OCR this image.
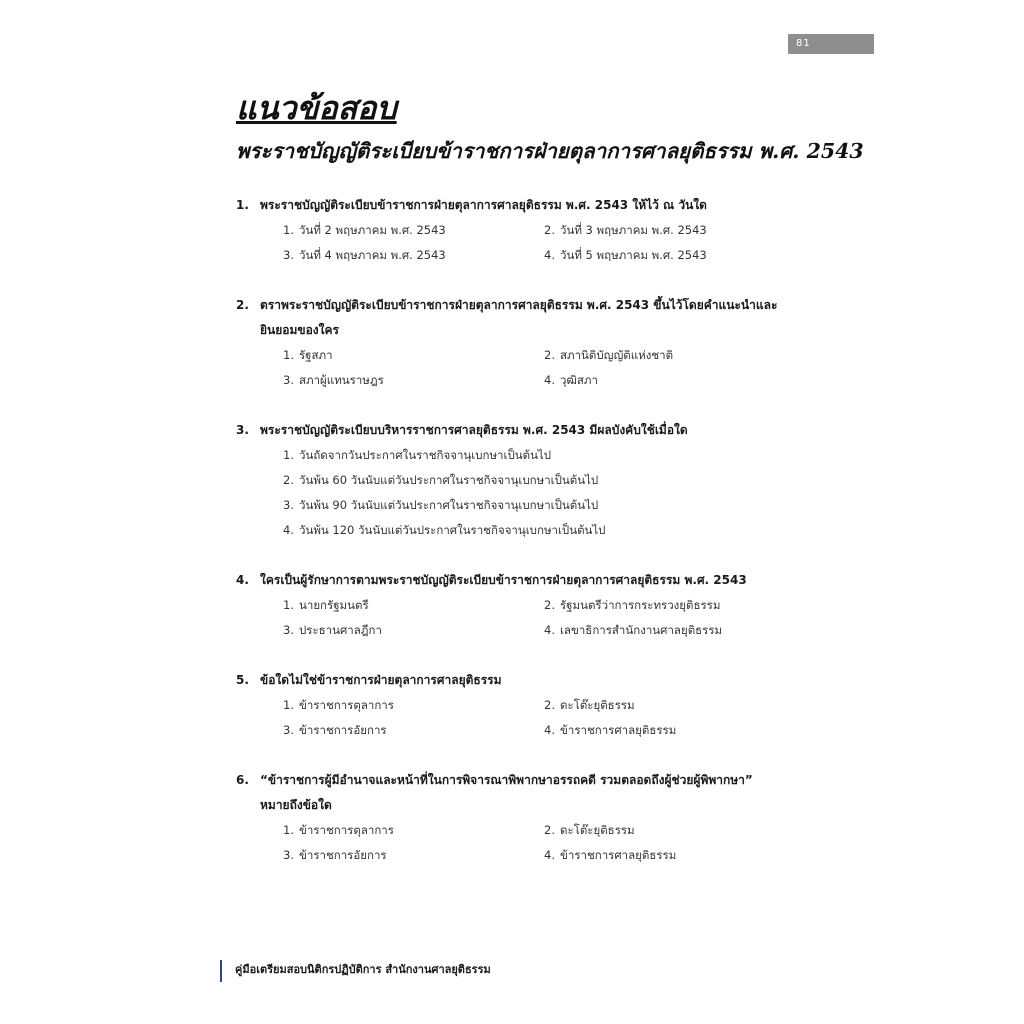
81
แนวข้อสอบ
พระราชบัญญัติระเบียบข้าราชการฝ่ายตุลาการศาลยุติธรรม พ.ศ. 2543
1. พระราชบัญญัติระเบียบข้าราชการฝ่ายตุลาการศาลยุติธรรม พ.ศ. 2543 ให้ไว้ ณ วันใด
1. วันที่ 2 พฤษภาคม พ.ศ. 2543	2. วันที่ 3 พฤษภาคม พ.ศ. 2543
3. วันที่ 4 พฤษภาคม พ.ศ. 2543	4. วันที่ 5 พฤษภาคม พ.ศ. 2543
2. ตราพระราชบัญญัติระเบียบข้าราชการฝ่ายตุลาการศาลยุติธรรม พ.ศ. 2543 ขึ้นไว้โดยคำแนะนำและ
ยินยอมของใคร
1. รัฐสภา	2. สภานิติบัญญัติแห่งชาติ
3. สภาผู้แทนราษฎร	4. วุฒิสภา
3. พระราชบัญญัติระเบียบบริหารราชการศาลยุติธรรม พ.ศ. 2543 มีผลบังคับใช้เมื่อใด
1. วันถัดจากวันประกาศในราชกิจจานุเบกษาเป็นต้นไป
2. วันพ้น 60 วันนับแต่วันประกาศในราชกิจจานุเบกษาเป็นต้นไป
3. วันพ้น 90 วันนับแต่วันประกาศในราชกิจจานุเบกษาเป็นต้นไป
4. วันพ้น 120 วันนับแต่วันประกาศในราชกิจจานุเบกษาเป็นต้นไป
4. ใครเป็นผู้รักษาการตามพระราชบัญญัติระเบียบข้าราชการฝ่ายตุลาการศาลยุติธรรม พ.ศ. 2543
1. นายกรัฐมนตรี	2. รัฐมนตรีว่าการกระทรวงยุติธรรม
3. ประธานศาลฎีกา	4. เลขาธิการสำนักงานศาลยุติธรรม
5. ข้อใดไม่ใช่ข้าราชการฝ่ายตุลาการศาลยุติธรรม
1. ข้าราชการตุลาการ	2. ดะโต๊ะยุติธรรม
3. ข้าราชการอัยการ	4. ข้าราชการศาลยุติธรรม
6. “ข้าราชการผู้มีอำนาจและหน้าที่ในการพิจารณาพิพากษาอรรถคดี รวมตลอดถึงผู้ช่วยผู้พิพากษา”
หมายถึงข้อใด
1. ข้าราชการตุลาการ	2. ดะโต๊ะยุติธรรม
3. ข้าราชการอัยการ	4. ข้าราชการศาลยุติธรรม
คู่มือเตรียมสอบนิติกรปฏิบัติการ สำนักงานศาลยุติธรรม
